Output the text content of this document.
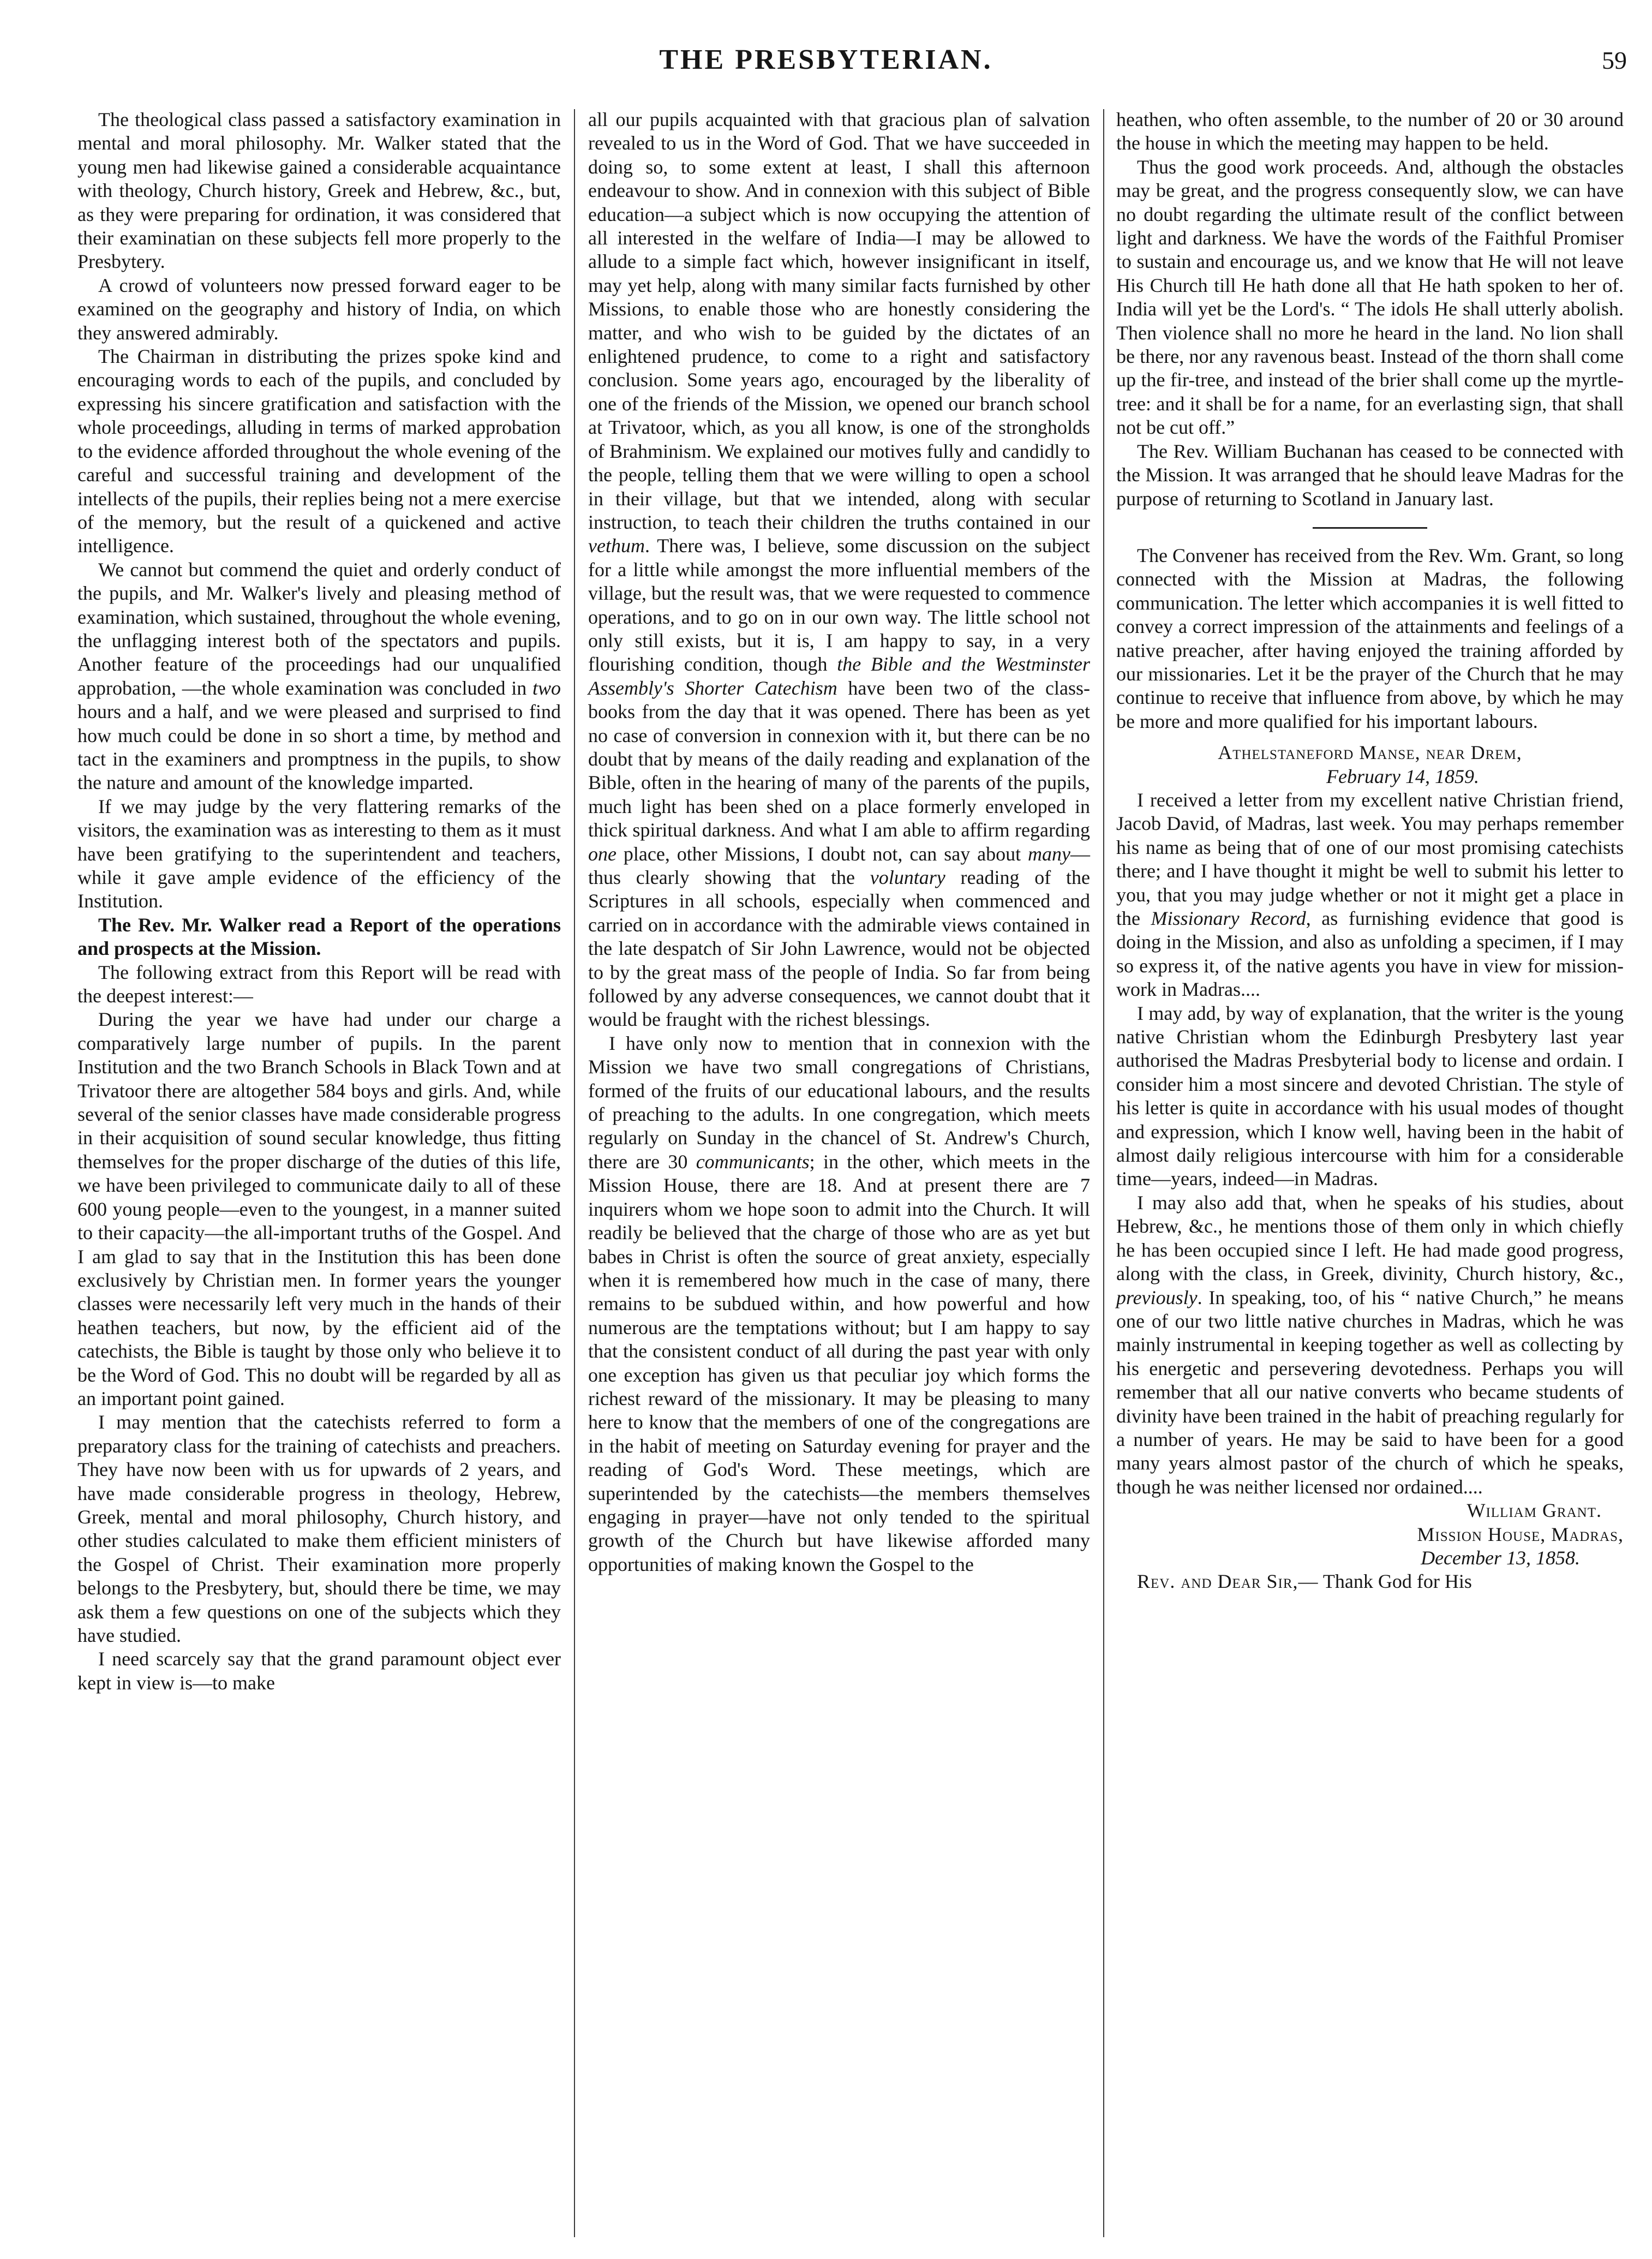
THE PRESBYTERIAN.	59

The theological class passed a satisfactory examination in mental and moral philosophy. Mr. Walker stated that the young men had likewise gained a considerable acquaintance with theology, Church history, Greek and Hebrew, &c., but, as they were preparing for ordination, it was considered that their examinatian on these subjects fell more properly to the Presbytery.

A crowd of volunteers now pressed forward eager to be examined on the geography and history of India, on which they answered admirably.

The Chairman in distributing the prizes spoke kind and encouraging words to each of the pupils, and concluded by expressing his sincere gratification and satisfaction with the whole proceedings, alluding in terms of marked approbation to the evidence afforded throughout the whole evening of the careful and successful training and development of the intellects of the pupils, their replies being not a mere exercise of the memory, but the result of a quickened and active intelligence.

We cannot but commend the quiet and orderly conduct of the pupils, and Mr. Walker's lively and pleasing method of examination, which sustained, throughout the whole evening, the unflagging interest both of the spectators and pupils. Another feature of the proceedings had our unqualified approbation, —the whole examination was concluded in two hours and a half, and we were pleased and surprised to find how much could be done in so short a time, by method and tact in the examiners and promptness in the pupils, to show the nature and amount of the knowledge imparted.

If we may judge by the very flattering remarks of the visitors, the examination was as interesting to them as it must have been gratifying to the superintendent and teachers, while it gave ample evidence of the efficiency of the Institution.

The Rev. Mr. Walker read a Report of the operations and prospects at the Mission.

The following extract from this Report will be read with the deepest interest:—

During the year we have had under our charge a comparatively large number of pupils. In the parent Institution and the two Branch Schools in Black Town and at Trivatoor there are altogether 584 boys and girls. And, while several of the senior classes have made considerable progress in their acquisition of sound secular knowledge, thus fitting themselves for the proper discharge of the duties of this life, we have been privileged to communicate daily to all of these 600 young people—even to the youngest, in a manner suited to their capacity—the all-important truths of the Gospel. And I am glad to say that in the Institution this has been done exclusively by Christian men. In former years the younger classes were necessarily left very much in the hands of their heathen teachers, but now, by the efficient aid of the catechists, the Bible is taught by those only who believe it to be the Word of God. This no doubt will be regarded by all as an important point gained.

I may mention that the catechists referred to form a preparatory class for the training of catechists and preachers. They have now been with us for upwards of 2 years, and have made considerable progress in theology, Hebrew, Greek, mental and moral philosophy, Church history, and other studies calculated to make them efficient ministers of the Gospel of Christ. Their examination more properly belongs to the Presbytery, but, should there be time, we may ask them a few questions on one of the subjects which they have studied.

I need scarcely say that the grand paramount object ever kept in view is—to make

all our pupils acquainted with that gracious plan of salvation revealed to us in the Word of God. That we have succeeded in doing so, to some extent at least, I shall this afternoon endeavour to show. And in connexion with this subject of Bible education—a subject which is now occupying the attention of all interested in the welfare of India—I may be allowed to allude to a simple fact which, however insignificant in itself, may yet help, along with many similar facts furnished by other Missions, to enable those who are honestly considering the matter, and who wish to be guided by the dictates of an enlightened prudence, to come to a right and satisfactory conclusion. Some years ago, encouraged by the liberality of one of the friends of the Mission, we opened our branch school at Trivatoor, which, as you all know, is one of the strongholds of Brahminism. We explained our motives fully and candidly to the people, telling them that we were willing to open a school in their village, but that we intended, along with secular instruction, to teach their children the truths contained in our vethum. There was, I believe, some discussion on the subject for a little while amongst the more influential members of the village, but the result was, that we were requested to commence operations, and to go on in our own way. The little school not only still exists, but it is, I am happy to say, in a very flourishing condition, though the Bible and the Westminster Assembly's Shorter Catechism have been two of the class-books from the day that it was opened. There has been as yet no case of conversion in connexion with it, but there can be no doubt that by means of the daily reading and explanation of the Bible, often in the hearing of many of the parents of the pupils, much light has been shed on a place formerly enveloped in thick spiritual darkness. And what I am able to affirm regarding one place, other Missions, I doubt not, can say about many—thus clearly showing that the voluntary reading of the Scriptures in all schools, especially when commenced and carried on in accordance with the admirable views contained in the late despatch of Sir John Lawrence, would not be objected to by the great mass of the people of India. So far from being followed by any adverse consequences, we cannot doubt that it would be fraught with the richest blessings.

I have only now to mention that in connexion with the Mission we have two small congregations of Christians, formed of the fruits of our educational labours, and the results of preaching to the adults. In one congregation, which meets regularly on Sunday in the chancel of St. Andrew's Church, there are 30 communicants; in the other, which meets in the Mission House, there are 18. And at present there are 7 inquirers whom we hope soon to admit into the Church. It will readily be believed that the charge of those who are as yet but babes in Christ is often the source of great anxiety, especially when it is remembered how much in the case of many, there remains to be subdued within, and how powerful and how numerous are the temptations without; but I am happy to say that the consistent conduct of all during the past year with only one exception has given us that peculiar joy which forms the richest reward of the missionary. It may be pleasing to many here to know that the members of one of the congregations are in the habit of meeting on Saturday evening for prayer and the reading of God's Word. These meetings, which are superintended by the catechists—the members themselves engaging in prayer—have not only tended to the spiritual growth of the Church but have likewise afforded many opportunities of making known the Gospel to the

heathen, who often assemble, to the number of 20 or 30 around the house in which the meeting may happen to be held.

Thus the good work proceeds. And, although the obstacles may be great, and the progress consequently slow, we can have no doubt regarding the ultimate result of the conflict between light and darkness. We have the words of the Faithful Promiser to sustain and encourage us, and we know that He will not leave His Church till He hath done all that He hath spoken to her of. India will yet be the Lord's. “ The idols He shall utterly abolish. Then violence shall no more he heard in the land. No lion shall be there, nor any ravenous beast. Instead of the thorn shall come up the fir-tree, and instead of the brier shall come up the myrtle-tree: and it shall be for a name, for an everlasting sign, that shall not be cut off.”

The Rev. William Buchanan has ceased to be connected with the Mission. It was arranged that he should leave Madras for the purpose of returning to Scotland in January last.

The Convener has received from the Rev. Wm. Grant, so long connected with the Mission at Madras, the following communication. The letter which accompanies it is well fitted to convey a correct impression of the attainments and feelings of a native preacher, after having enjoyed the training afforded by our missionaries. Let it be the prayer of the Church that he may continue to receive that influence from above, by which he may be more and more qualified for his important labours.

Athelstaneford Manse, near Drem,

February 14, 1859.

I received a letter from my excellent native Christian friend, Jacob David, of Madras, last week. You may perhaps remember his name as being that of one of our most promising catechists there; and I have thought it might be well to submit his letter to you, that you may judge whether or not it might get a place in the Missionary Record, as furnishing evidence that good is doing in the Mission, and also as unfolding a specimen, if I may so express it, of the native agents you have in view for mission-work in Madras....

I may add, by way of explanation, that the writer is the young native Christian whom the Edinburgh Presbytery last year authorised the Madras Presbyterial body to license and ordain. I consider him a most sincere and devoted Christian. The style of his letter is quite in accordance with his usual modes of thought and expression, which I know well, having been in the habit of almost daily religious intercourse with him for a considerable time—years, indeed—in Madras.

I may also add that, when he speaks of his studies, about Hebrew, &c., he mentions those of them only in which chiefly he has been occupied since I left. He had made good progress, along with the class, in Greek, divinity, Church history, &c., previously. In speaking, too, of his “ native Church,” he means one of our two little native churches in Madras, which he was mainly instrumental in keeping together as well as collecting by his energetic and persevering devotedness. Perhaps you will remember that all our native converts who became students of divinity have been trained in the habit of preaching regularly for a number of years. He may be said to have been for a good many years almost pastor of the church of which he speaks, though he was neither licensed nor ordained....

William Grant.

Mission House, Madras,

December 13, 1858.

Rev. and Dear Sir,— Thank God for His
